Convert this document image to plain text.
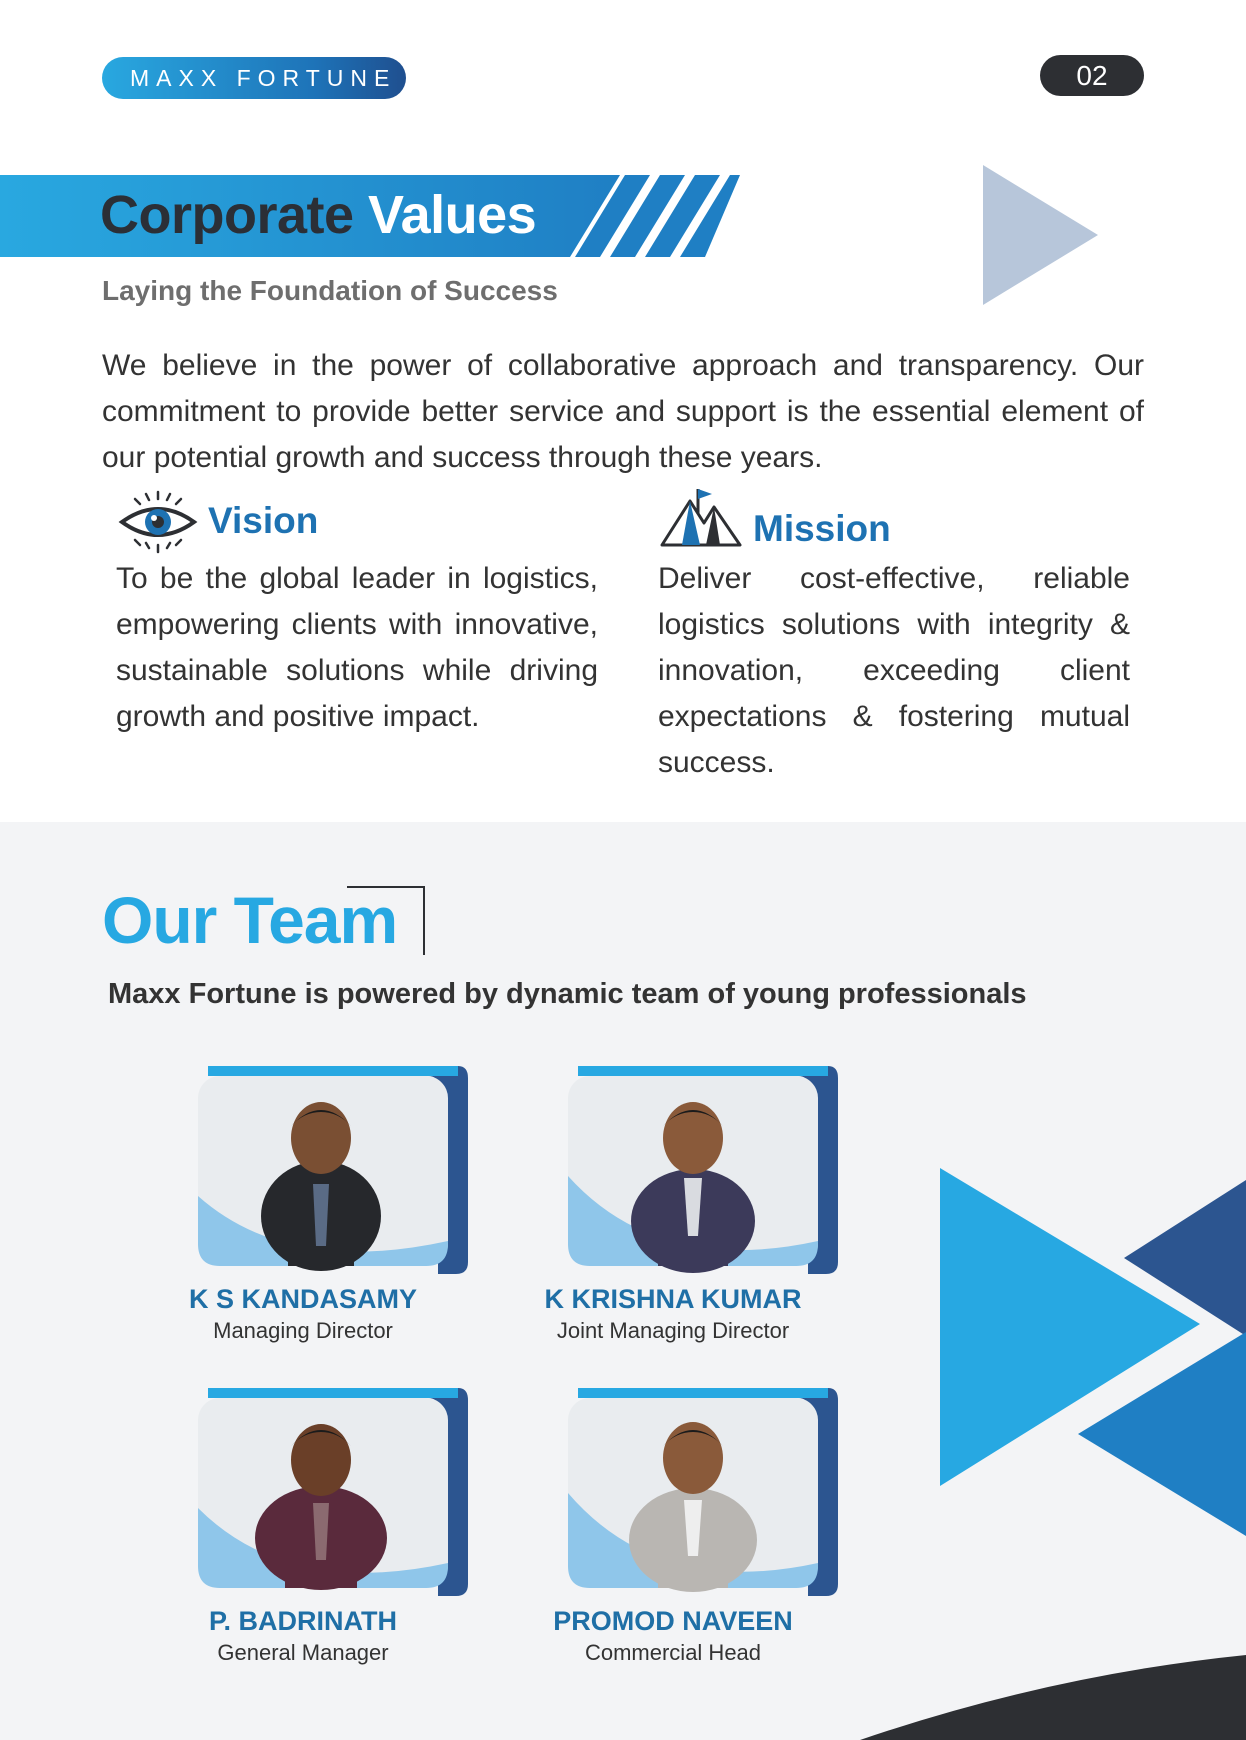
MAXX FORTUNE	02
Corporate Values
Laying the Foundation of Success

We believe in the power of collaborative approach and transparency. Our commitment to provide better service and support is the essential element of our potential growth and success through these years.

Vision

To be the global leader in logistics, empowering clients with innovative, sustainable solutions while driving growth and positive impact.

Mission

Deliver cost-effective, reliable logistics solutions with integrity & innovation, exceeding client expectations & fostering mutual success.

Our Team
Maxx Fortune is powered by dynamic team of young professionals
K S KANDASAMY
Managing Director
K KRISHNA KUMAR
Joint Managing Director
P. BADRINATH
General Manager
PROMOD NAVEEN
Commercial Head
